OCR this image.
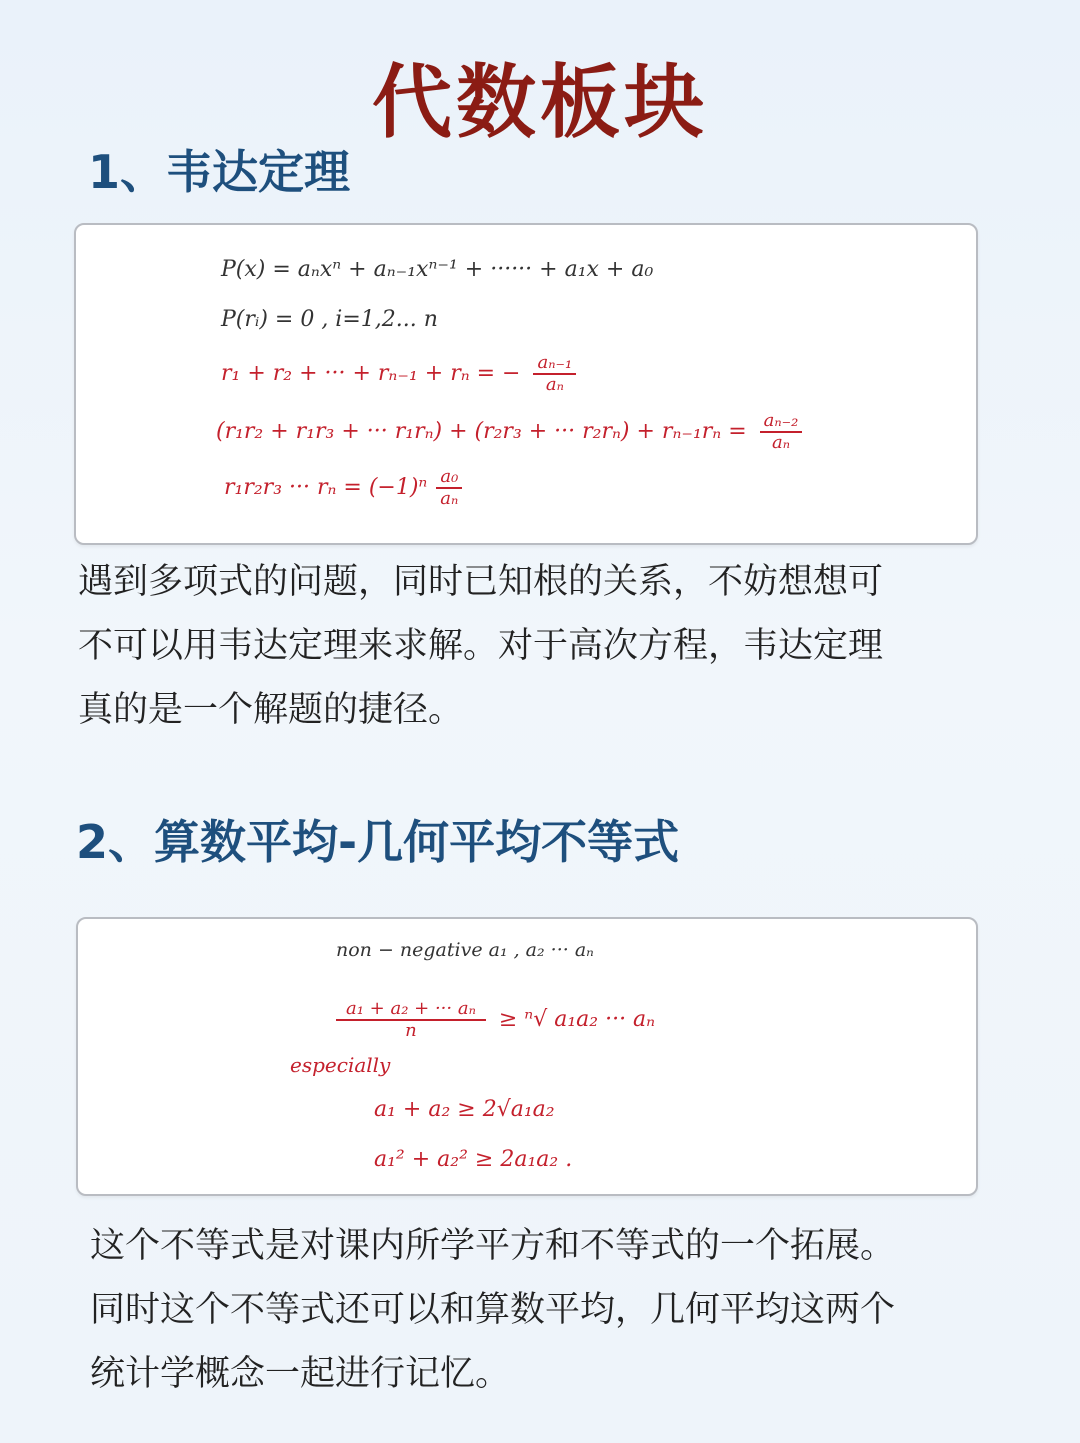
代数板块
1、韦达定理
P(x) = aₙxⁿ + aₙ₋₁xⁿ⁻¹ + ······ + a₁x + a₀
P(rᵢ) = 0 , i=1,2... n
r₁ + r₂ + ··· + rₙ₋₁ + rₙ = − $\frac{\text{aₙ₋₁}}{\text{aₙ}}$
(r₁r₂ + r₁r₃ + ··· r₁rₙ) + (r₂r₃ + ··· $r_2r_n) + r_{n-1}r_n = \frac{\text{aₙ₋₂}}{\text{aₙ}}$
r₁r₂r₃ ··· $r_n = (-1)^n \frac{\text{a₀}}{\text{aₙ}}$
遇到多项式的问题，同时已知根的关系，不妨想想可
不可以用韦达定理来求解。对于高次方程，韦达定理
真的是一个解题的捷径。
2、算数平均-几何平均不等式
non − negative a₁ , a₂ ··· aₙ
$\frac{\text{a₁ + a₂ + ··· aₙ}}{n} \ge ^n√$ a₁a₂ ··· aₙ
especially
a₁ + a₂ ≥ 2√a₁a₂
a₁² + a₂² ≥ 2a₁a₂ .
这个不等式是对课内所学平方和不等式的一个拓展。
同时这个不等式还可以和算数平均，几何平均这两个
统计学概念一起进行记忆。
